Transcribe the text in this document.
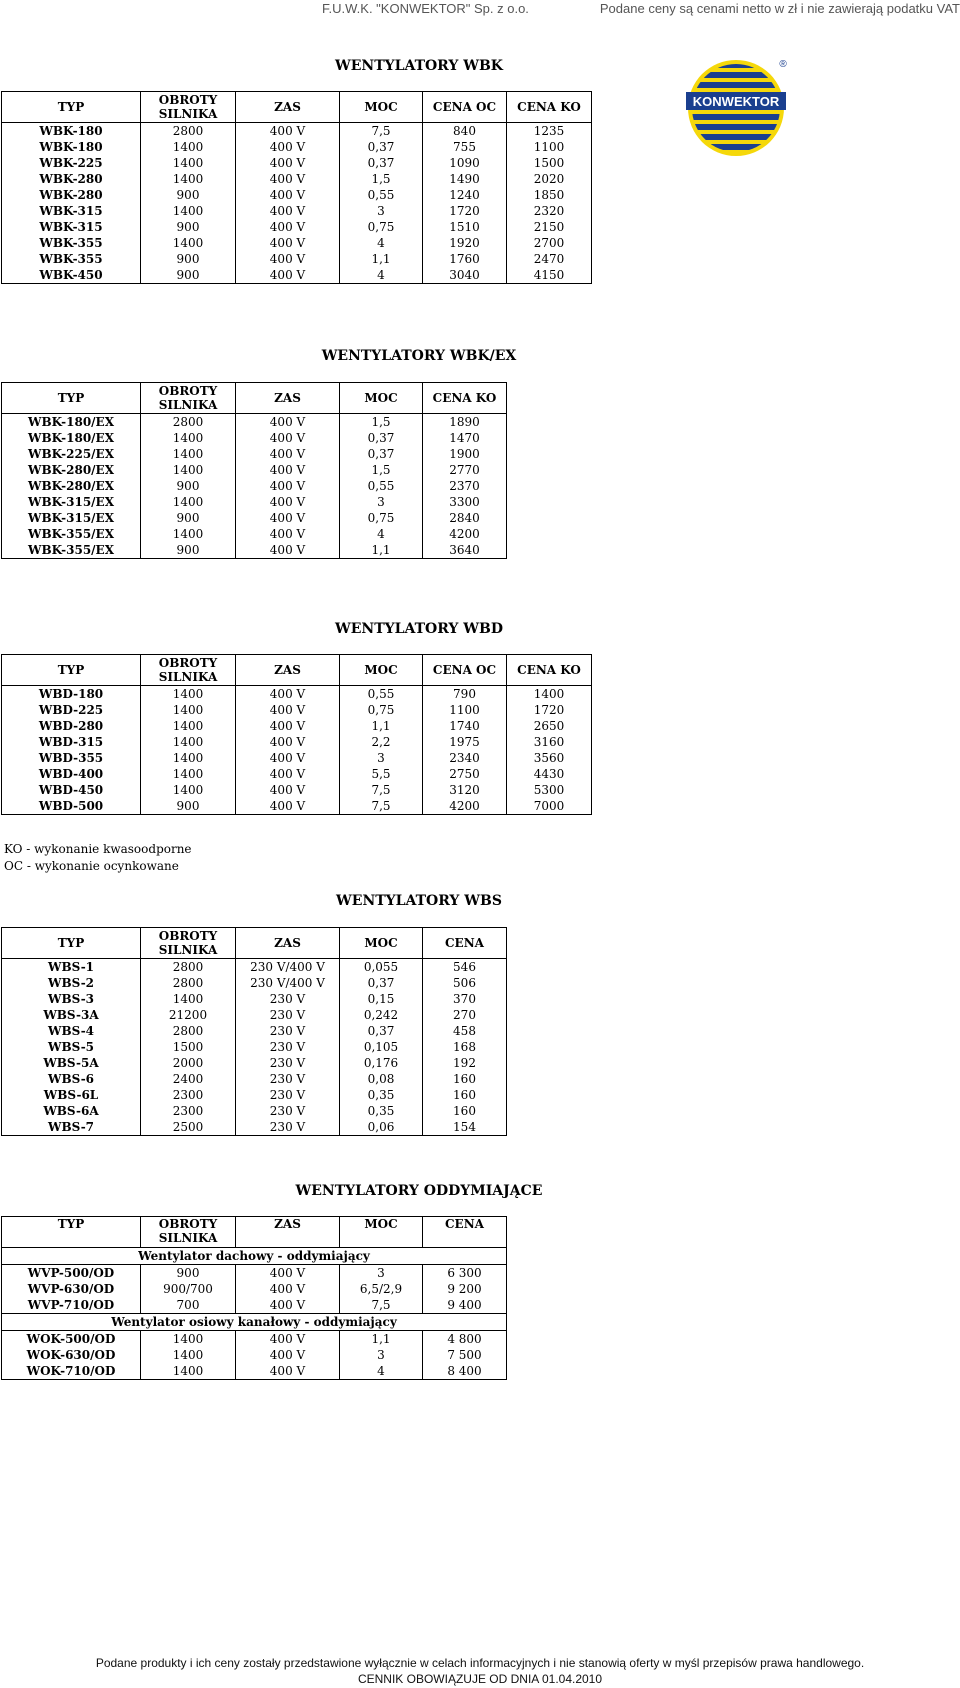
F.U.W.K. "KONWEKTOR" Sp. z o.o.	Podane ceny są cenami netto w zł i nie zawierają podatku VAT
KONWEKTOR
®
WENTYLATORY WBK
TYP	OBROTY SILNIKA	ZAS	MOC	CENA OC	CENA KO
WBK-180	2800	400 V	7,5	840	1235
WBK-180	1400	400 V	0,37	755	1100
WBK-225	1400	400 V	0,37	1090	1500
WBK-280	1400	400 V	1,5	1490	2020
WBK-280	900	400 V	0,55	1240	1850
WBK-315	1400	400 V	3	1720	2320
WBK-315	900	400 V	0,75	1510	2150
WBK-355	1400	400 V	4	1920	2700
WBK-355	900	400 V	1,1	1760	2470
WBK-450	900	400 V	4	3040	4150
WENTYLATORY WBK/EX
TYP	OBROTY SILNIKA	ZAS	MOC	CENA KO
WBK-180/EX	2800	400 V	1,5	1890
WBK-180/EX	1400	400 V	0,37	1470
WBK-225/EX	1400	400 V	0,37	1900
WBK-280/EX	1400	400 V	1,5	2770
WBK-280/EX	900	400 V	0,55	2370
WBK-315/EX	1400	400 V	3	3300
WBK-315/EX	900	400 V	0,75	2840
WBK-355/EX	1400	400 V	4	4200
WBK-355/EX	900	400 V	1,1	3640
WENTYLATORY WBD
TYP	OBROTY SILNIKA	ZAS	MOC	CENA OC	CENA KO
WBD-180	1400	400 V	0,55	790	1400
WBD-225	1400	400 V	0,75	1100	1720
WBD-280	1400	400 V	1,1	1740	2650
WBD-315	1400	400 V	2,2	1975	3160
WBD-355	1400	400 V	3	2340	3560
WBD-400	1400	400 V	5,5	2750	4430
WBD-450	1400	400 V	7,5	3120	5300
WBD-500	900	400 V	7,5	4200	7000
KO - wykonanie kwasoodporne
OC - wykonanie ocynkowane
WENTYLATORY WBS
TYP	OBROTY SILNIKA	ZAS	MOC	CENA
WBS-1	2800	230 V/400 V	0,055	546
WBS-2	2800	230 V/400 V	0,37	506
WBS-3	1400	230 V	0,15	370
WBS-3A	21200	230 V	0,242	270
WBS-4	2800	230 V	0,37	458
WBS-5	1500	230 V	0,105	168
WBS-5A	2000	230 V	0,176	192
WBS-6	2400	230 V	0,08	160
WBS-6L	2300	230 V	0,35	160
WBS-6A	2300	230 V	0,35	160
WBS-7	2500	230 V	0,06	154
WENTYLATORY ODDYMIAJĄCE
TYP	OBROTY SILNIKA	ZAS	MOC	CENA
Wentylator dachowy - oddymiający				
WVP-500/OD	900	400 V	3	6 300
WVP-630/OD	900/700	400 V	6,5/2,9	9 200
WVP-710/OD	700	400 V	7,5	9 400
Wentylator osiowy kanałowy - oddymiający				
WOK-500/OD	1400	400 V	1,1	4 800
WOK-630/OD	1400	400 V	3	7 500
WOK-710/OD	1400	400 V	4	8 400
Podane produkty i ich ceny zostały przedstawione wyłącznie w celach informacyjnych i nie stanowią oferty w myśl przepisów prawa handlowego.
CENNIK OBOWIĄZUJE OD DNIA 01.04.2010
